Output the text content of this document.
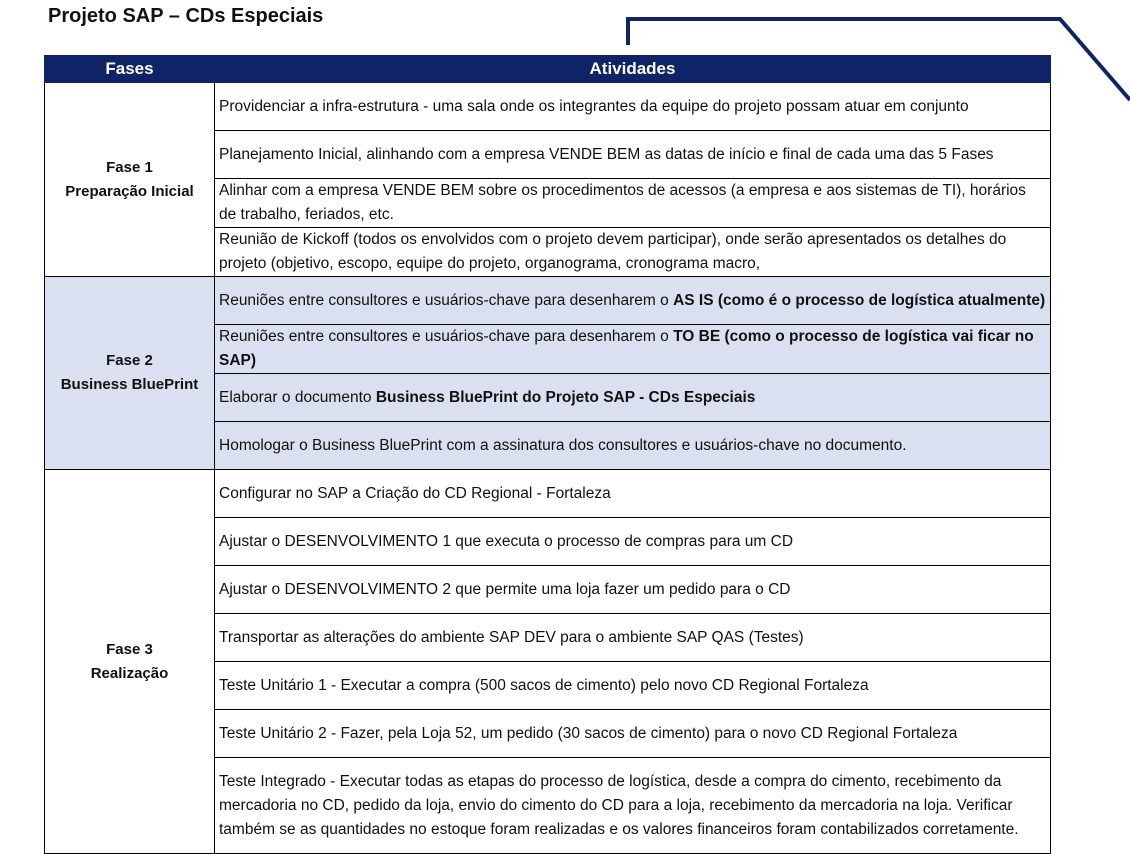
Projeto SAP – CDs Especiais
Fases	Atividades

Fase 1
Preparação Inicial	Providenciar a infra-estrutura - uma sala onde os integrantes da equipe do projeto possam atuar em conjunto
	Planejamento Inicial, alinhando com a empresa VENDE BEM as datas de início e final de cada uma das 5 Fases
	Alinhar com a empresa VENDE BEM sobre os procedimentos de acessos (a empresa e aos sistemas de TI), horários de trabalho, feriados, etc.
	Reunião de Kickoff (todos os envolvidos com o projeto devem participar), onde serão apresentados os detalhes do projeto (objetivo, escopo, equipe do projeto, organograma, cronograma macro,

Fase 2
Business BluePrint	Reuniões entre consultores e usuários-chave para desenharem o AS IS (como é o processo de logística atualmente)
	Reuniões entre consultores e usuários-chave para desenharem o TO BE (como o processo de logística vai ficar no SAP)
	Elaborar o documento Business BluePrint do Projeto SAP - CDs Especiais
	Homologar o Business BluePrint com a assinatura dos consultores e usuários-chave no documento.

Fase 3
Realização	Configurar no SAP a Criação do CD Regional - Fortaleza
	Ajustar o DESENVOLVIMENTO 1 que executa o processo de compras para um CD
	Ajustar o DESENVOLVIMENTO 2 que permite uma loja fazer um pedido para o CD
	Transportar as alterações do ambiente SAP DEV para o ambiente SAP QAS (Testes)
	Teste Unitário 1 - Executar a compra (500 sacos de cimento) pelo novo CD Regional Fortaleza
	Teste Unitário 2 - Fazer, pela Loja 52, um pedido (30 sacos de cimento) para o novo CD Regional Fortaleza
	Teste Integrado - Executar todas as etapas do processo de logística, desde a compra do cimento, recebimento da mercadoria no CD, pedido da loja, envio do cimento do CD para a loja, recebimento da mercadoria na loja. Verificar também se as quantidades no estoque foram realizadas e os valores financeiros foram contabilizados corretamente.
